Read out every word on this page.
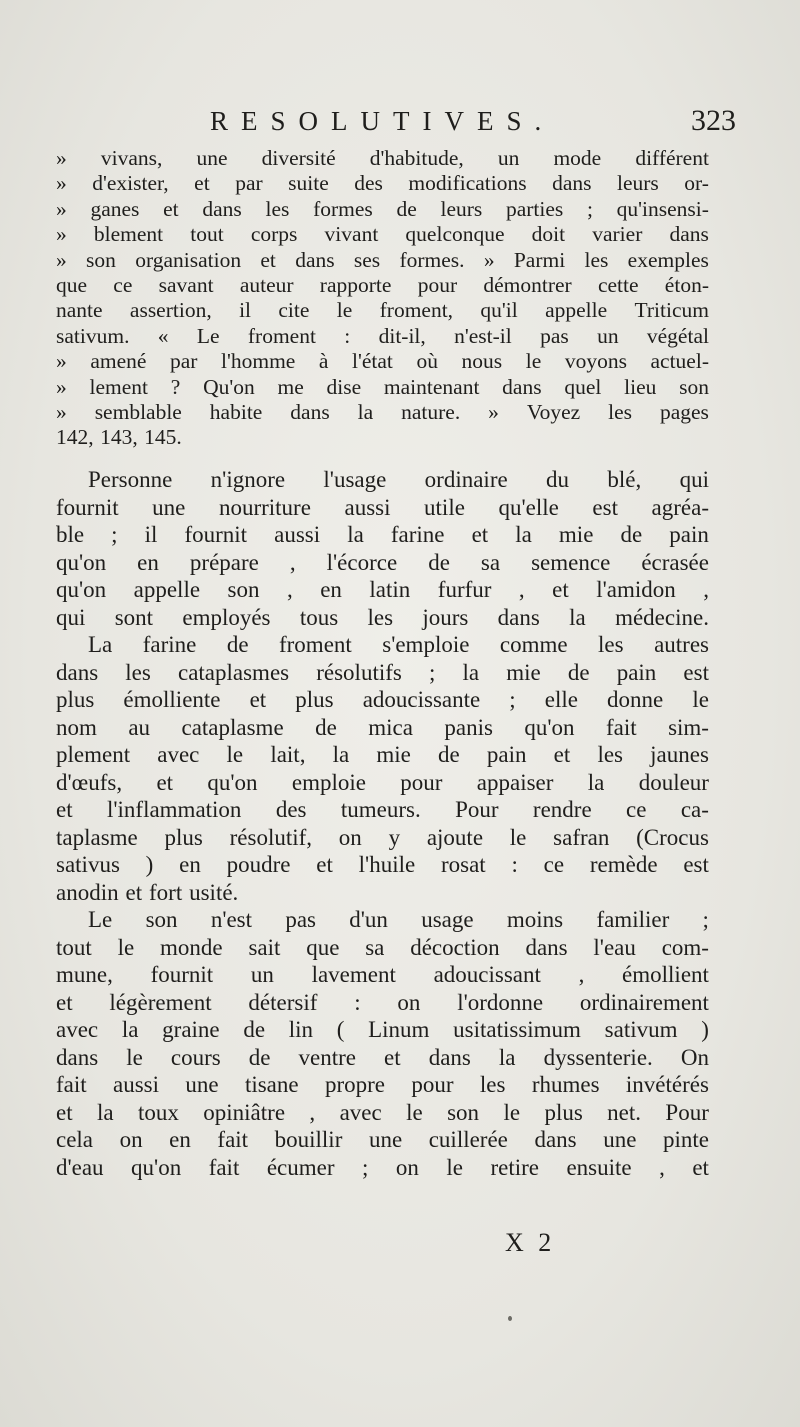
RESOLUTIVES.	323
» vivans, une diversité d'habitude, un mode différent
» d'exister, et par suite des modifications dans leurs or-
» ganes et dans les formes de leurs parties ; qu'insensi-
» blement tout corps vivant quelconque doit varier dans
» son organisation et dans ses formes. » Parmi les exemples
que ce savant auteur rapporte pour démontrer cette éton-
nante assertion, il cite le froment, qu'il appelle Triticum
sativum. « Le froment : dit-il, n'est-il pas un végétal
» amené par l'homme à l'état où nous le voyons actuel-
» lement ? Qu'on me dise maintenant dans quel lieu son
» semblable habite dans la nature. » Voyez les pages
142, 143, 145.
Personne n'ignore l'usage ordinaire du blé, qui
fournit une nourriture aussi utile qu'elle est agréa-
ble ; il fournit aussi la farine et la mie de pain
qu'on en prépare , l'écorce de sa semence écrasée
qu'on appelle son , en latin furfur , et l'amidon ,
qui sont employés tous les jours dans la médecine.
La farine de froment s'emploie comme les autres
dans les cataplasmes résolutifs ; la mie de pain est
plus émolliente et plus adoucissante ; elle donne le
nom au cataplasme de mica panis qu'on fait sim-
plement avec le lait, la mie de pain et les jaunes
d'œufs, et qu'on emploie pour appaiser la douleur
et l'inflammation des tumeurs. Pour rendre ce ca-
taplasme plus résolutif, on y ajoute le safran (Crocus
sativus ) en poudre et l'huile rosat : ce remède est
anodin et fort usité.
Le son n'est pas d'un usage moins familier ;
tout le monde sait que sa décoction dans l'eau com-
mune, fournit un lavement adoucissant , émollient
et légèrement détersif : on l'ordonne ordinairement
avec la graine de lin ( Linum usitatissimum sativum )
dans le cours de ventre et dans la dyssenterie. On
fait aussi une tisane propre pour les rhumes invétérés
et la toux opiniâtre , avec le son le plus net. Pour
cela on en fait bouillir une cuillerée dans une pinte
d'eau qu'on fait écumer ; on le retire ensuite , et
X 2
